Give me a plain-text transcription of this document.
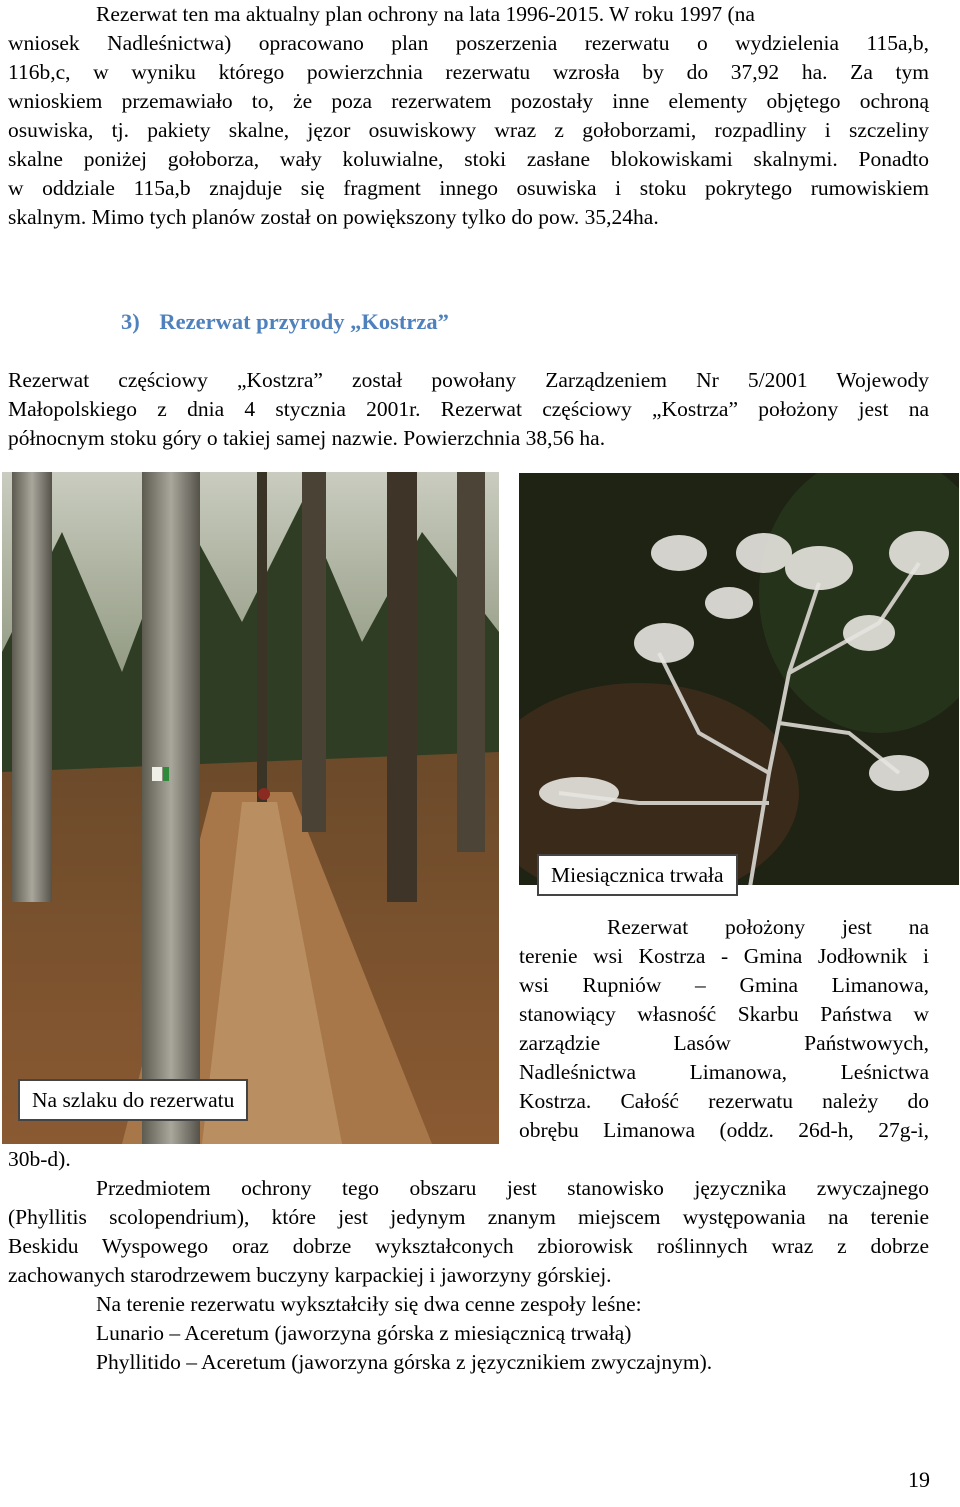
Rezerwat ten ma aktualny plan ochrony na lata 1996-2015. W roku 1997 (na
wniosek Nadleśnictwa) opracowano plan poszerzenia rezerwatu o wydzielenia 115a,b,
116b,c, w wyniku którego powierzchnia rezerwatu wzrosła by do 37,92 ha. Za tym
wnioskiem przemawiało to, że poza rezerwatem pozostały inne elementy objętego ochroną
osuwiska, tj. pakiety skalne, jęzor osuwiskowy wraz z gołoborzami, rozpadliny i szczeliny
skalne poniżej gołoborza, wały koluwialne, stoki zasłane blokowiskami skalnymi. Ponadto
w oddziale 115a,b znajduje się fragment innego osuwiska i stoku pokrytego rumowiskiem
skalnym. Mimo tych planów został on powiększony tylko do pow. 35,24ha.
3) Rezerwat przyrody „Kostrza”
Rezerwat częściowy „Kostzra” został powołany Zarządzeniem Nr 5/2001 Wojewody
Małopolskiego z dnia 4 stycznia 2001r. Rezerwat częściowy „Kostrza” położony jest na
północnym stoku góry o takiej samej nazwie. Powierzchnia 38,56 ha.
Na szlaku do rezerwatu
Miesiącznica trwała
Rezerwat położony jest na
terenie wsi Kostrza - Gmina Jodłownik i
wsi Rupniów – Gmina Limanowa,
stanowiący własność Skarbu Państwa w
zarządzie Lasów Państwowych,
Nadleśnictwa Limanowa, Leśnictwa
Kostrza. Całość rezerwatu należy do
obrębu Limanowa (oddz. 26d-h, 27g-i,
30b-d).
Przedmiotem ochrony tego obszaru jest stanowisko języcznika zwyczajnego
(Phyllitis scolopendrium), które jest jedynym znanym miejscem występowania na terenie
Beskidu Wyspowego oraz dobrze wykształconych zbiorowisk roślinnych wraz z dobrze
zachowanych starodrzewem buczyny karpackiej i jaworzyny górskiej.
Na terenie rezerwatu wykształciły się dwa cenne zespoły leśne:
Lunario – Aceretum (jaworzyna górska z miesiącznicą trwałą)
Phyllitido – Aceretum (jaworzyna górska z języcznikiem zwyczajnym).
19
